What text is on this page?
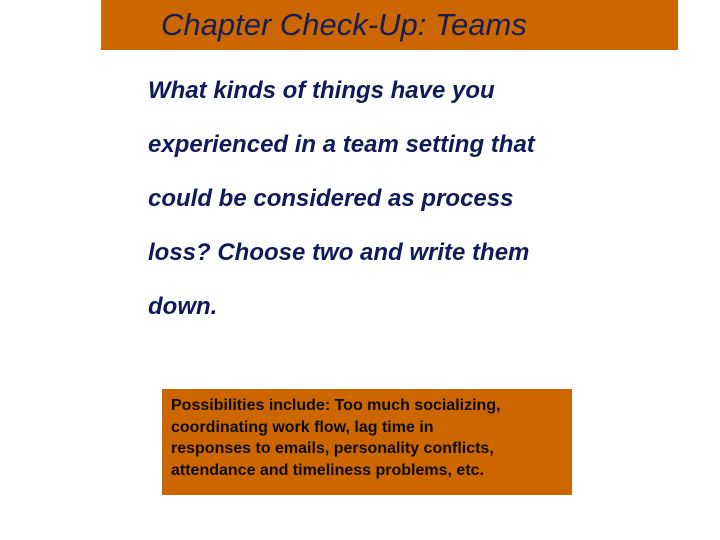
Chapter Check-Up: Teams

What kinds of things have you
experienced in a team setting that
could be considered as process
loss? Choose two and write them
down.

Possibilities include: Too much socializing,
coordinating work flow, lag time in
responses to emails, personality conflicts,
attendance and timeliness problems, etc.
